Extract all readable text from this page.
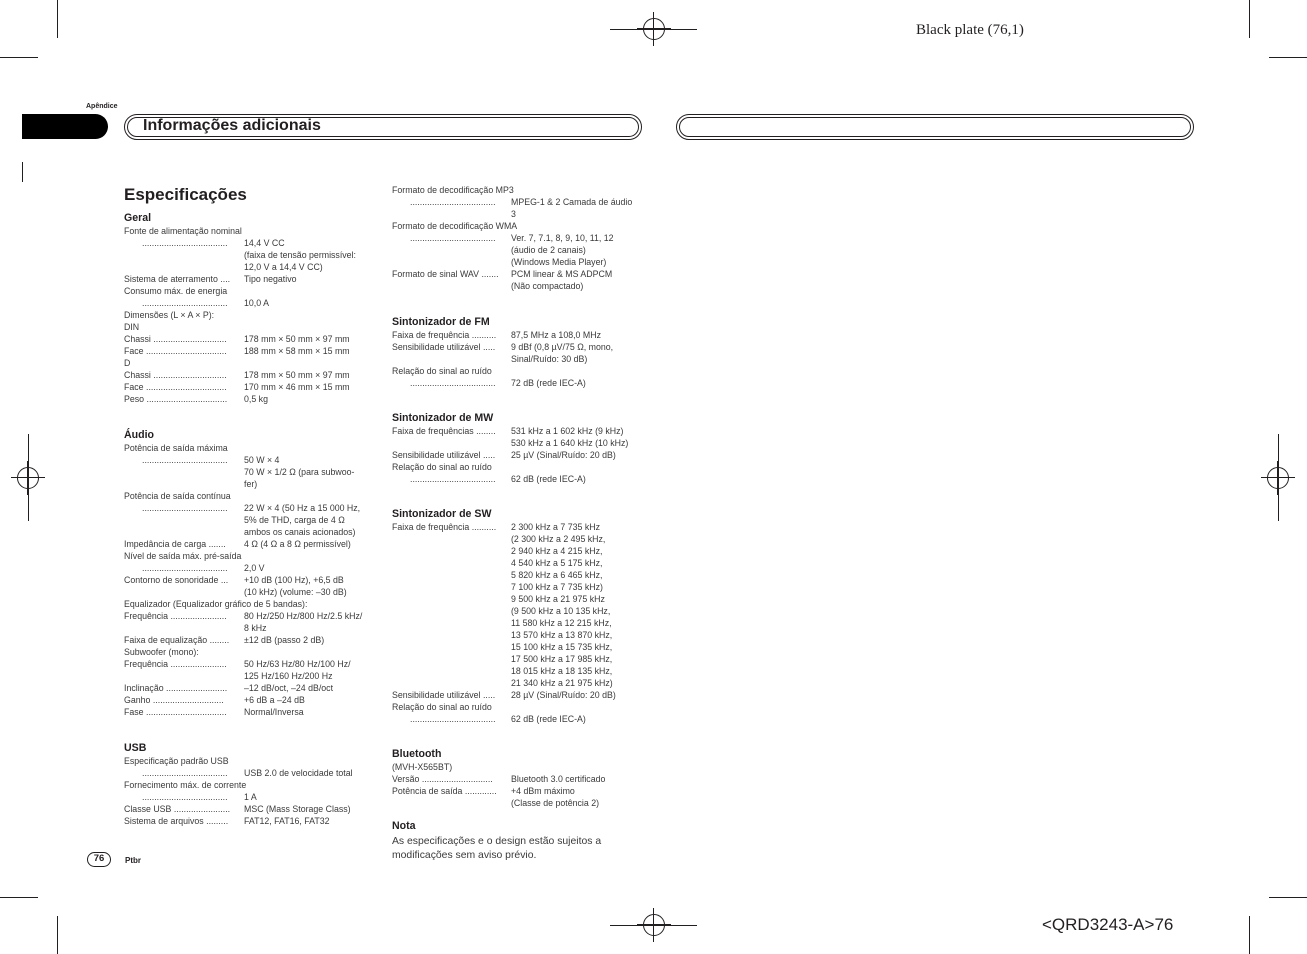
Black plate (76,1)
Apêndice
Informações adicionais
Especificações
Geral
Fonte de alimentação nominal
................................... 14,4 V CC
(faixa de tensão permissível:
12,0 V a 14,4 V CC)
Sistema de aterramento .... Tipo negativo
Consumo máx. de energia
................................... 10,0 A
Dimensões (L × A × P):
DIN
Chassi .............................. 178 mm × 50 mm × 97 mm
Face ................................. 188 mm × 58 mm × 15 mm
D
Chassi .............................. 178 mm × 50 mm × 97 mm
Face ................................. 170 mm × 46 mm × 15 mm
Peso ................................. 0,5 kg
Áudio
Potência de saída máxima
................................... 50 W × 4
70 W × 1/2 Ω (para subwoo-
fer)
Potência de saída contínua
................................... 22 W × 4 (50 Hz a 15 000 Hz,
5% de THD, carga de 4 Ω
ambos os canais acionados)
Impedância de carga ....... 4 Ω (4 Ω a 8 Ω permissível)
Nível de saída máx. pré-saída
................................... 2,0 V
Contorno de sonoridade ... +10 dB (100 Hz), +6,5 dB
(10 kHz) (volume: –30 dB)
Equalizador (Equalizador gráfico de 5 bandas):
Frequência ....................... 80 Hz/250 Hz/800 Hz/2.5 kHz/
8 kHz
Faixa de equalização ........ ±12 dB (passo 2 dB)
Subwoofer (mono):
Frequência ....................... 50 Hz/63 Hz/80 Hz/100 Hz/
125 Hz/160 Hz/200 Hz
Inclinação ......................... –12 dB/oct, –24 dB/oct
Ganho ............................. +6 dB a –24 dB
Fase ................................. Normal/Inversa
USB
Especificação padrão USB
................................... USB 2.0 de velocidade total
Fornecimento máx. de corrente
................................... 1 A
Classe USB ....................... MSC (Mass Storage Class)
Sistema de arquivos ......... FAT12, FAT16, FAT32
Formato de decodificação MP3
................................... MPEG-1 & 2 Camada de áudio
3
Formato de decodificação WMA
................................... Ver. 7, 7.1, 8, 9, 10, 11, 12
(áudio de 2 canais)
(Windows Media Player)
Formato de sinal WAV ....... PCM linear & MS ADPCM
(Não compactado)
Sintonizador de FM
Faixa de frequência .......... 87,5 MHz a 108,0 MHz
Sensibilidade utilizável ..... 9 dBf (0,8 µV/75 Ω, mono,
Sinal/Ruído: 30 dB)
Relação do sinal ao ruído
................................... 72 dB (rede IEC-A)
Sintonizador de MW
Faixa de frequências ........ 531 kHz a 1 602 kHz (9 kHz)
530 kHz a 1 640 kHz (10 kHz)
Sensibilidade utilizável ..... 25 µV (Sinal/Ruído: 20 dB)
Relação do sinal ao ruído
................................... 62 dB (rede IEC-A)
Sintonizador de SW
Faixa de frequência .......... 2 300 kHz a 7 735 kHz
(2 300 kHz a 2 495 kHz,
2 940 kHz a 4 215 kHz,
4 540 kHz a 5 175 kHz,
5 820 kHz a 6 465 kHz,
7 100 kHz a 7 735 kHz)
9 500 kHz a 21 975 kHz
(9 500 kHz a 10 135 kHz,
11 580 kHz a 12 215 kHz,
13 570 kHz a 13 870 kHz,
15 100 kHz a 15 735 kHz,
17 500 kHz a 17 985 kHz,
18 015 kHz a 18 135 kHz,
21 340 kHz a 21 975 kHz)
Sensibilidade utilizável ..... 28 µV (Sinal/Ruído: 20 dB)
Relação do sinal ao ruído
................................... 62 dB (rede IEC-A)
Bluetooth
(MVH-X565BT)
Versão ............................. Bluetooth 3.0 certificado
Potência de saída ............. +4 dBm máximo
(Classe de potência 2)
Nota
As especificações e o design estão sujeitos a
modificações sem aviso prévio.
76	Ptbr
<QRD3243-A>76
